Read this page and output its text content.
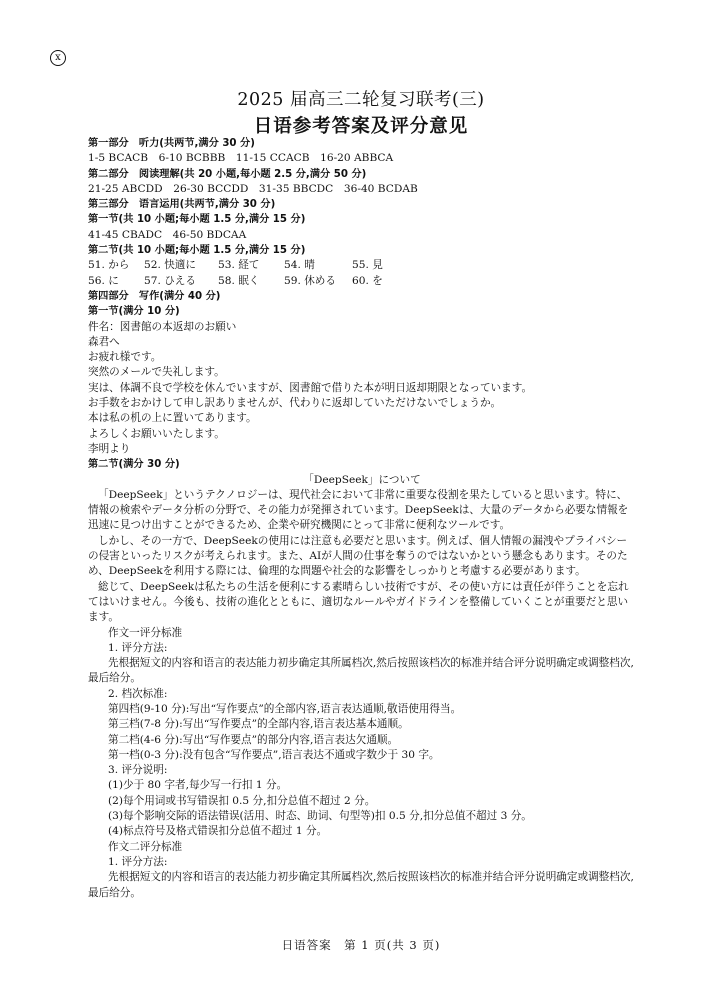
x
2025 届高三二轮复习联考(三)
日语参考答案及评分意见

第一部分　听力(共两节,满分 30 分)

1-5 BCACB　6-10 BCBBB　11-15 CCACB　16-20 ABBCA

第二部分　阅读理解(共 20 小题,每小题 2.5 分,满分 50 分)

21-25 ABCDD　26-30 BCCDD　31-35 BBCDC　36-40 BCDAB

第三部分　语言运用(共两节,满分 30 分)

第一节(共 10 小题;每小题 1.5 分,满分 15 分)

41-45 CBADC　46-50 BDCAA

第二节(共 10 小题;每小题 1.5 分,满分 15 分)

51. から	52. 快適に	53. 経て	54. 晴	55. 見
56. に	57. ひえる	58. 眠く	59. 休める	60. を

第四部分　写作(满分 40 分)

第一节(满分 10 分)

件名：図書館の本返却のお願い

森君へ

お疲れ様です。

突然のメールで失礼します。

実は、体調不良で学校を休んでいますが、図書館で借りた本が明日返却期限となっています。

お手数をおかけして申し訳ありませんが、代わりに返却していただけないでしょうか。

本は私の机の上に置いてあります。

よろしくお願いいたします。

李明より

第二节(满分 30 分)

「DeepSeek」について

「DeepSeek」というテクノロジーは、現代社会において非常に重要な役割を果たしていると思います。特に、情報の検索やデータ分析の分野で、その能力が発揮されています。DeepSeekは、大量のデータから必要な情報を迅速に見つけ出すことができるため、企業や研究機関にとって非常に便利なツールです。

しかし、その一方で、DeepSeekの使用には注意も必要だと思います。例えば、個人情報の漏洩やプライバシーの侵害といったリスクが考えられます。また、AIが人間の仕事を奪うのではないかという懸念もあります。そのため、DeepSeekを利用する際には、倫理的な問題や社会的な影響をしっかりと考慮する必要があります。

総じて、DeepSeekは私たちの生活を便利にする素晴らしい技術ですが、その使い方には責任が伴うことを忘れてはいけません。今後も、技術の進化とともに、適切なルールやガイドラインを整備していくことが重要だと思います。

作文一评分标准

1. 评分方法:

先根据短文的内容和语言的表达能力初步确定其所属档次,然后按照该档次的标准并结合评分说明确定或调整档次,最后给分。

2. 档次标准:

第四档(9-10 分):写出“写作要点”的全部内容,语言表达通顺,敬语使用得当。

第三档(7-8 分):写出“写作要点”的全部内容,语言表达基本通顺。

第二档(4-6 分):写出“写作要点”的部分内容,语言表达欠通顺。

第一档(0-3 分):没有包含“写作要点”,语言表达不通或字数少于 30 字。

3. 评分说明:

(1)少于 80 字者,每少写一行扣 1 分。

(2)每个用词或书写错误扣 0.5 分,扣分总值不超过 2 分。

(3)每个影响交际的语法错误(活用、时态、助词、句型等)扣 0.5 分,扣分总值不超过 3 分。

(4)标点符号及格式错误扣分总值不超过 1 分。

作文二评分标准

1. 评分方法:

先根据短文的内容和语言的表达能力初步确定其所属档次,然后按照该档次的标准并结合评分说明确定或调整档次,最后给分。

日语答案　第 1 页(共 3 页)
